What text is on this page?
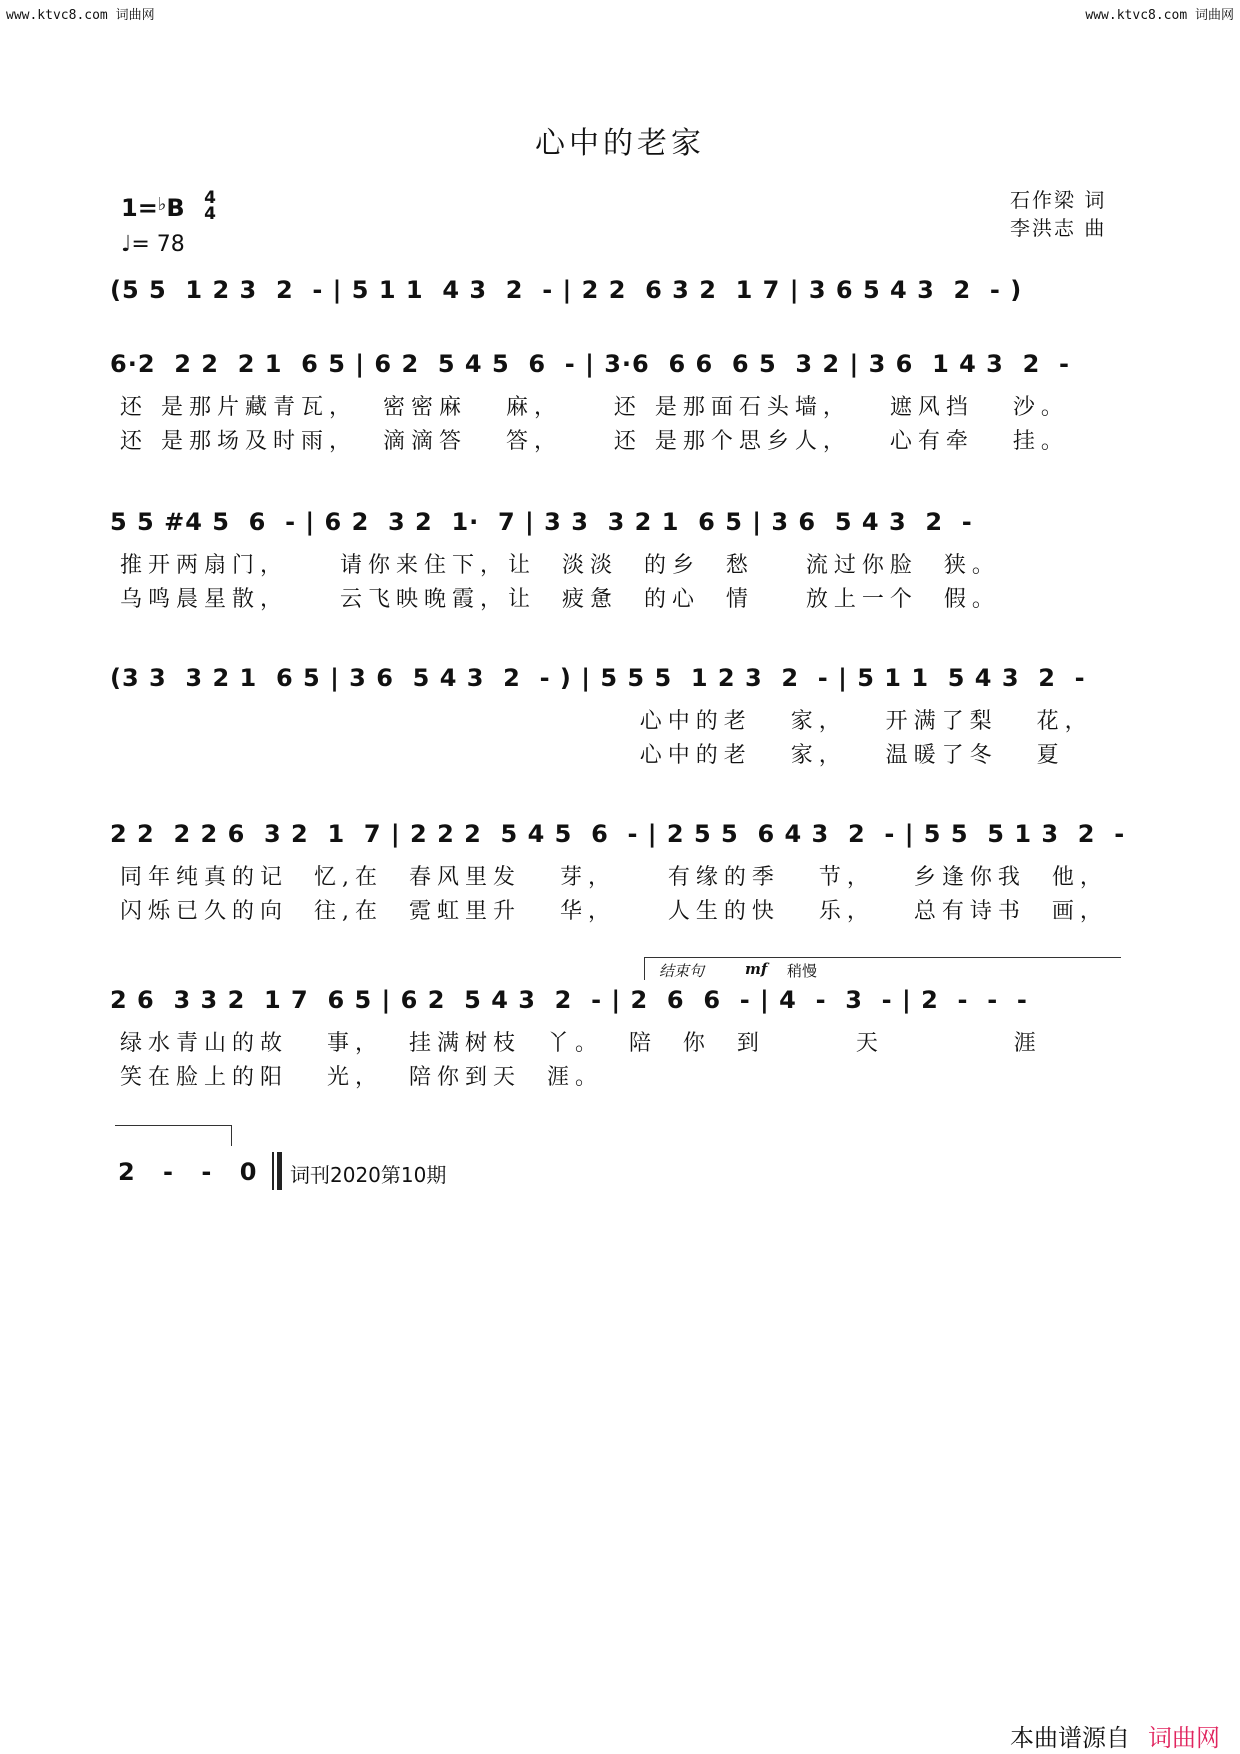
www.ktvc8.com 词曲网	www.ktvc8.com 词曲网
心中的老家
石作梁 词
李洪志 曲
1=♭B 4
4
♩= 78
(5 5  1 2 3  2  - | 5 1 1  4 3  2  - | 2 2  6 3 2  1 7 | 3 6 5 4 3  2  - )
6·2  2 2  2 1  6 5 | 6 2  5 4 5  6  - | 3·6  6 6  6 5  3 2 | 3 6  1 4 3  2  -
还 是那片藏青瓦，  密密麻   麻，    还 是那面石头墙，   遮风挡   沙。
还 是那场及时雨，  滴滴答   答，    还 是那个思乡人，   心有牵   挂。
5 5 #4 5  6  - | 6 2  3 2  1·  7 | 3 3  3 2 1  6 5 | 3 6  5 4 3  2  -
推开两扇门，    请你来住下，让  淡淡  的乡  愁    流过你脸  狭。
乌鸣晨星散，    云飞映晚霞，让  疲惫  的心  情    放上一个  假。
(3 3  3 2 1  6 5 | 3 6  5 4 3  2  - ) | 5 5 5  1 2 3  2  - | 5 1 1  5 4 3  2  -
心中的老   家，   开满了梨   花，
心中的老   家，   温暖了冬   夏
2 2  2 2 6  3 2  1  7 | 2 2 2  5 4 5  6  - | 2 5 5  6 4 3  2  - | 5 5  5 1 3  2  -
同年纯真的记  忆,在  春风里发   芽，    有缘的季   节，   乡逢你我  他，
闪烁已久的向  往,在  霓虹里升   华，    人生的快   乐，   总有诗书  画，
结束句	mf 稍慢
2 6  3 3 2  1 7  6 5 | 6 2  5 4 3  2  - | 2  6  6  - | 4  -  3  - | 2  -  -  -
绿水青山的故   事，  挂满树枝  丫。  陪  你  到       天          涯
笑在脸上的阳   光，  陪你到天  涯。
2 - - 0 词刊2020第10期
本曲谱源自 词曲网
